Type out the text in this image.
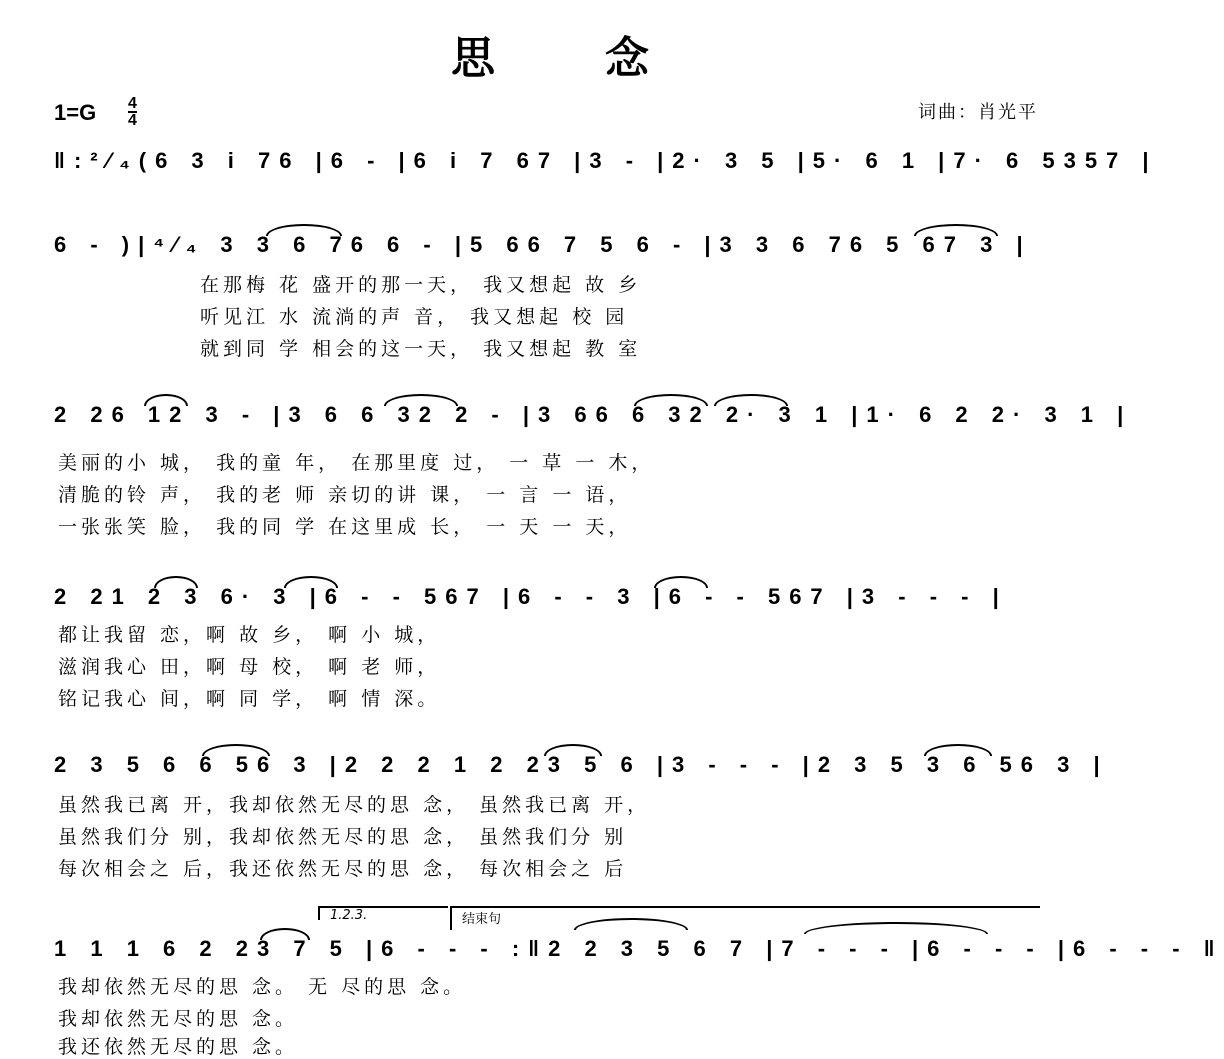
思念
1=G 4
4	词曲：肖光平
‖:²⁄₄(6 3 i 76 |6 - |6 i 7 67 |3 - |2· 3 5 |5· 6 1 |7· 6 5357 |
6 - )|⁴⁄₄ 3 3 6 76 6 - |5 66 7 5 6 - |3 3 6 76 5 67 3 |
在那梅 花 盛开的那一天， 我又想起 故 乡
听见江 水 流淌的声 音， 我又想起 校 园
就到同 学 相会的这一天， 我又想起 教 室
2 26 12 3 - |3 6 6 32 2 - |3 66 6 32 2· 3 1 |1· 6 2 2· 3 1 |
美丽的小 城， 我的童 年， 在那里度 过， 一 草 一 木，
清脆的铃 声， 我的老 师 亲切的讲 课， 一 言 一 语，
一张张笑 脸， 我的同 学 在这里成 长， 一 天 一 天，
2 21 2 3 6· 3 |6 - - 567 |6 - - 3 |6 - - 567 |3 - - - |
都让我留 恋，啊 故 乡， 啊 小 城，
滋润我心 田，啊 母 校， 啊 老 师，
铭记我心 间，啊 同 学， 啊 情 深。
2 3 5 6 6 56 3 |2 2 2 1 2 23 5 6 |3 - - - |2 3 5 3 6 56 3 |
虽然我已离 开，我却依然无尽的思 念， 虽然我已离 开，
虽然我们分 别，我却依然无尽的思 念， 虽然我们分 别
每次相会之 后，我还依然无尽的思 念， 每次相会之 后
1.2.3.	结束句
1 1 1 6 2 23 7 5 |6 - - - :‖2 2 3 5 6 7 |7 - - - |6 - - - |6 - - - ‖
我却依然无尽的思 念。 无 尽的思 念。
我却依然无尽的思 念。
我还依然无尽的思 念。
